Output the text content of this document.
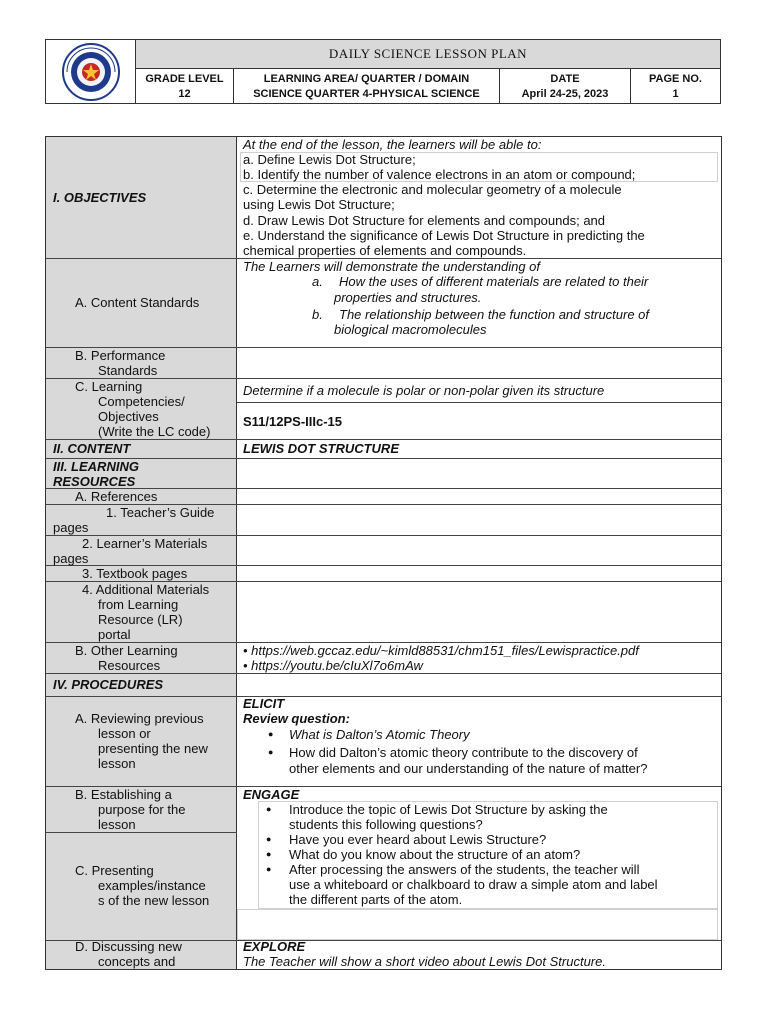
DAILY SCIENCE LESSON PLAN
GRADE LEVEL
12
LEARNING AREA/ QUARTER / DOMAIN
SCIENCE QUARTER 4-PHYSICAL SCIENCE
DATE
April 24-25, 2023
PAGE NO.
1
At the end of the lesson, the learners will be able to:
a. Define Lewis Dot Structure;
b. Identify the number of valence electrons in an atom or compound;
c. Determine the electronic and molecular geometry of a molecule
using Lewis Dot Structure;
d. Draw Lewis Dot Structure for elements and compounds; and
e. Understand the significance of Lewis Dot Structure in predicting the
chemical properties of elements and compounds.
I. OBJECTIVES
A. Content Standards
The Learners will demonstrate the understanding of
a. How the uses of different materials are related to their
properties and structures.
b. The relationship between the function and structure of
biological macromolecules
B. Performance
Standards
C. Learning
Competencies/
Objectives
(Write the LC code)
Determine if a molecule is polar or non-polar given its structure
S11/12PS-IIIc-15
II. CONTENT	LEWIS DOT STRUCTURE
III. LEARNING
RESOURCES
A. References
1. Teacher’s Guide
pages
2. Learner’s Materials
pages
3. Textbook pages
4. Additional Materials
from Learning
Resource (LR)
portal
B. Other Learning
Resources
• https://web.gccaz.edu/~kimld88531/chm151_files/Lewispractice.pdf
• https://youtu.be/cIuXl7o6mAw
IV. PROCEDURES
A. Reviewing previous
lesson or
presenting the new
lesson
ELICIT
Review question:
● What is Dalton’s Atomic Theory
● How did Dalton’s atomic theory contribute to the discovery of
other elements and our understanding of the nature of matter?
B. Establishing a
purpose for the
lesson
ENGAGE
● Introduce the topic of Lewis Dot Structure by asking the
students this following questions?
● Have you ever heard about Lewis Structure?
● What do you know about the structure of an atom?
● After processing the answers of the students, the teacher will
use a whiteboard or chalkboard to draw a simple atom and label
the different parts of the atom.
C. Presenting
examples/instance
s of the new lesson
D. Discussing new
concepts and
EXPLORE
The Teacher will show a short video about Lewis Dot Structure.
